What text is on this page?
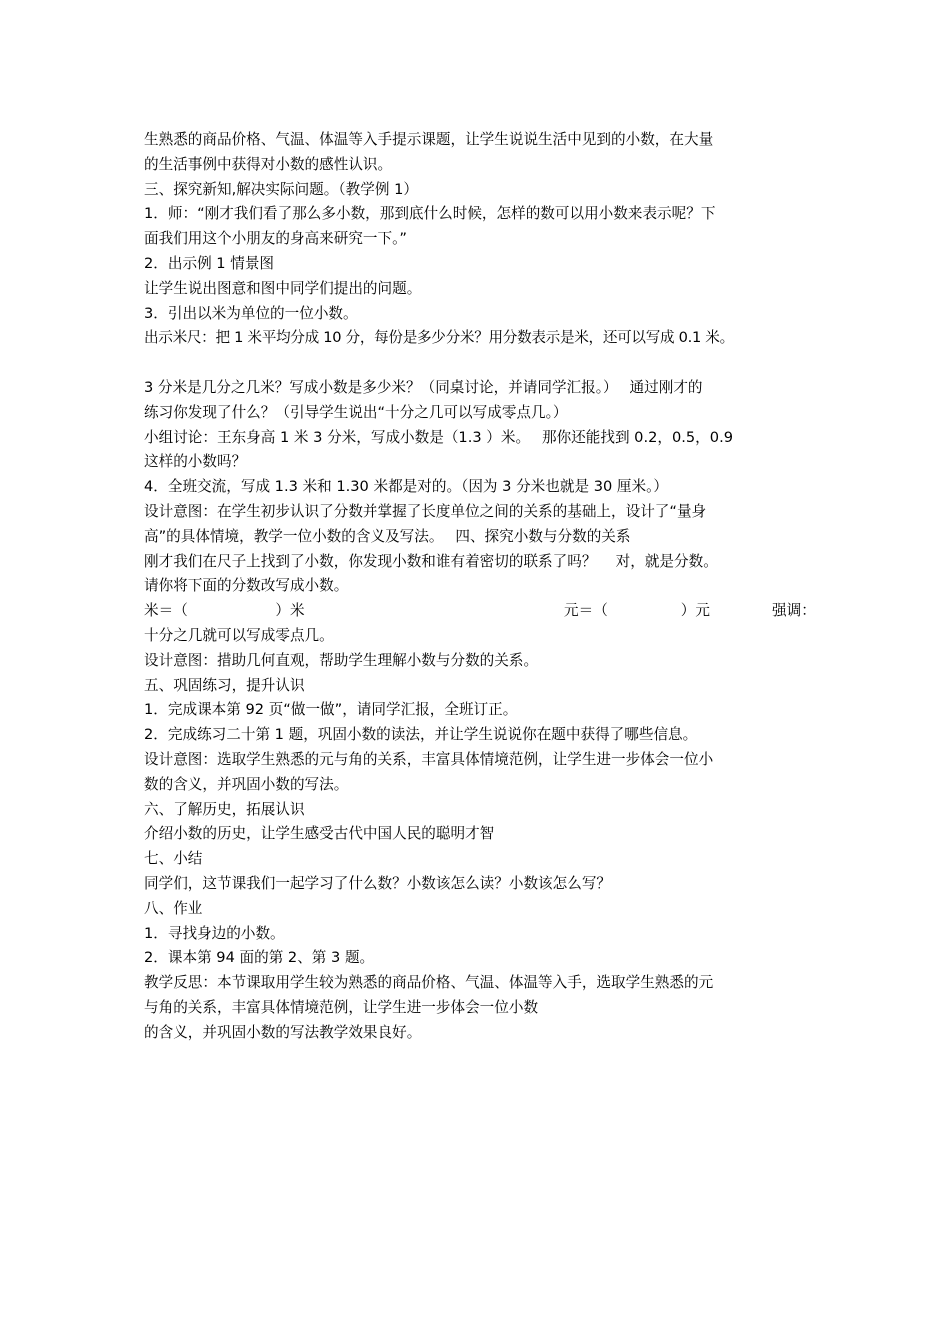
生熟悉的商品价格、气温、体温等入手提示课题，让学生说说生活中见到的小数，在大量
的生活事例中获得对小数的感性认识。
三、探究新知,解决实际问题。（教学例 1）
1．师：“刚才我们看了那么多小数，那到底什么时候，怎样的数可以用小数来表示呢？下
面我们用这个小朋友的身高来研究一下。”
2．出示例 1 情景图
让学生说出图意和图中同学们提出的问题。
3．引出以米为单位的一位小数。
出示米尺：把 1 米平均分成 10 分，每份是多少分米？用分数表示是米，还可以写成 0.1 米。
3 分米是几分之几米？写成小数是多少米？（同桌讨论，并请同学汇报。）　 通过刚才的
练习你发现了什么？（引导学生说出“十分之几可以写成零点几。）
小组讨论：王东身高 1 米 3 分米，写成小数是（1.3 ）米。　 那你还能找到 0.2，0.5，0.9
这样的小数吗？
4．全班交流，写成 1.3 米和 1.30 米都是对的。（因为 3 分米也就是 30 厘米。）
设计意图：在学生初步认识了分数并掌握了长度单位之间的关系的基础上，设计了“量身
高”的具体情境，教学一位小数的含义及写法。　 四、探究小数与分数的关系
刚才我们在尺子上找到了小数，你发现小数和谁有着密切的联系了吗？　 对，就是分数。
请你将下面的分数改写成小数。
米＝（　　　　　　）米	元＝（　　　　　）元	强调：
十分之几就可以写成零点几。
设计意图：措助几何直观，帮助学生理解小数与分数的关系。
五、巩固练习，提升认识
1．完成课本第 92 页“做一做”，请同学汇报，全班订正。
2．完成练习二十第 1 题，巩固小数的读法，并让学生说说你在题中获得了哪些信息。
设计意图：选取学生熟悉的元与角的关系，丰富具体情境范例，让学生进一步体会一位小
数的含义，并巩固小数的写法。
六、了解历史，拓展认识
介绍小数的历史，让学生感受古代中国人民的聪明才智
七、小结
同学们，这节课我们一起学习了什么数？小数该怎么读？小数该怎么写？
八、作业
1．寻找身边的小数。
2．课本第 94 面的第 2、第 3 题。
教学反思：本节课取用学生较为熟悉的商品价格、气温、体温等入手，选取学生熟悉的元
与角的关系，丰富具体情境范例，让学生进一步体会一位小数
的含义，并巩固小数的写法教学效果良好。
